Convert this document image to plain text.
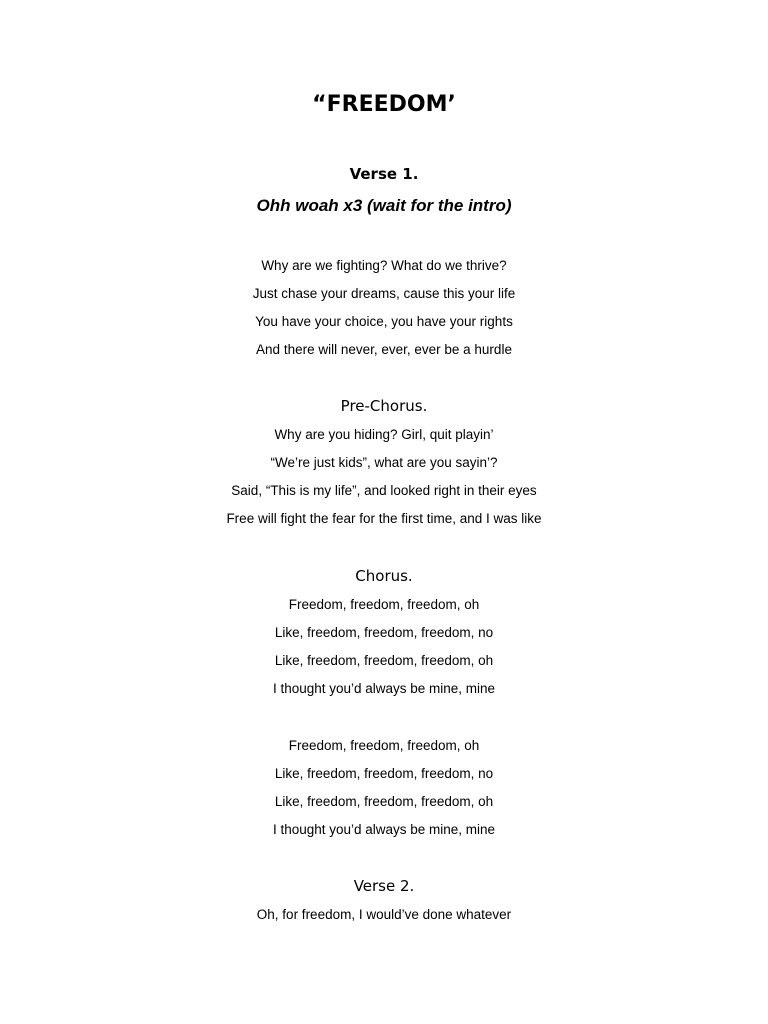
“FREEDOM’

Verse 1.

Ohh woah x3 (wait for the intro)

Why are we fighting? What do we thrive?

Just chase your dreams, cause this your life

You have your choice, you have your rights

And there will never, ever, ever be a hurdle

Pre-Chorus.

Why are you hiding? Girl, quit playin’

“We’re just kids”, what are you sayin’?

Said, “This is my life”, and looked right in their eyes

Free will fight the fear for the first time, and I was like

Chorus.

Freedom, freedom, freedom, oh

Like, freedom, freedom, freedom, no

Like, freedom, freedom, freedom, oh

I thought you’d always be mine, mine

Freedom, freedom, freedom, oh

Like, freedom, freedom, freedom, no

Like, freedom, freedom, freedom, oh

I thought you’d always be mine, mine

Verse 2.

Oh, for freedom, I would’ve done whatever
